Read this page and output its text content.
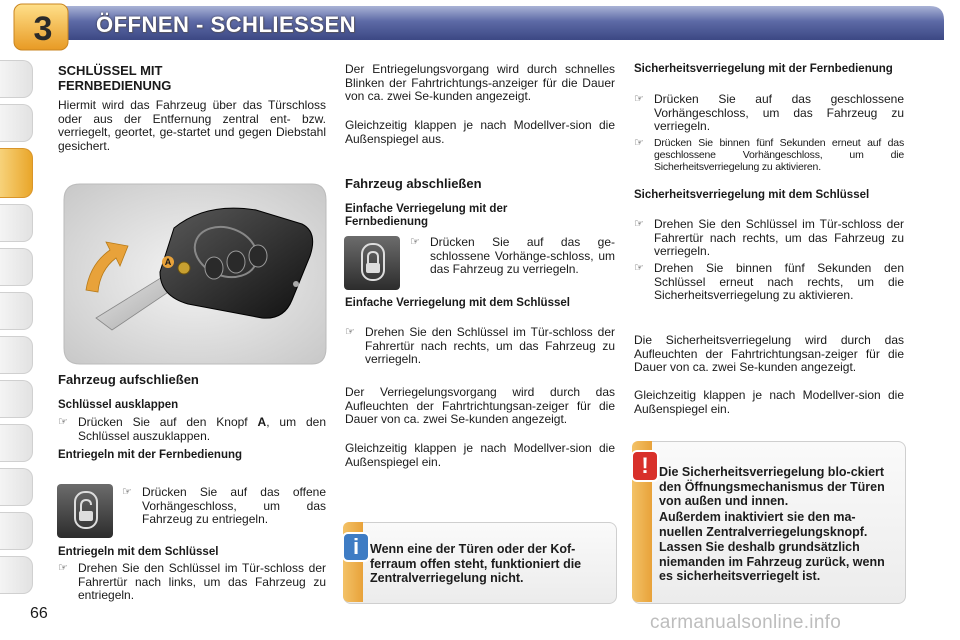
3	ÖFFNEN - SCHLIESSEN
SCHLÜSSEL MIT FERNBEDIENUNG

Hiermit wird das Fahrzeug über das Türschloss oder aus der Entfernung zentral ent- bzw. verriegelt, geortet, ge-startet und gegen Diebstahl gesichert.

A
Fahrzeug aufschließen
Schlüssel ausklappen
☞ Drücken Sie auf den Knopf A, um den Schlüssel auszuklappen.
Entriegeln mit der Fernbedienung
☞ Drücken Sie auf das offene Vorhängeschloss, um das Fahrzeug zu entriegeln.
Entriegeln mit dem Schlüssel
☞ Drehen Sie den Schlüssel im Tür-schloss der Fahrertür nach links, um das Fahrzeug zu entriegeln.

Der Entriegelungsvorgang wird durch schnelles Blinken der Fahrtrichtungs-anzeiger für die Dauer von ca. zwei Se-kunden angezeigt.

Gleichzeitig klappen je nach Modellver-sion die Außenspiegel aus.

Fahrzeug abschließen
Einfache Verriegelung mit der Fernbedienung
☞ Drücken Sie auf das ge-schlossene Vorhänge-schloss, um das Fahrzeug zu verriegeln.
Einfache Verriegelung mit dem Schlüssel
☞ Drehen Sie den Schlüssel im Tür-schloss der Fahrertür nach rechts, um das Fahrzeug zu verriegeln.

Der Verriegelungsvorgang wird durch das Aufleuchten der Fahrtrichtungsan-zeiger für die Dauer von ca. zwei Se-kunden angezeigt.

Gleichzeitig klappen je nach Modellver-sion die Außenspiegel ein.

i Wenn eine der Türen oder der Kof-ferraum offen steht, funktioniert die Zentralverriegelung nicht.
Sicherheitsverriegelung mit der Fernbedienung
☞ Drücken Sie auf das geschlossene Vorhängeschloss, um das Fahrzeug zu verriegeln.
☞ Drücken Sie binnen fünf Sekunden erneut auf das geschlossene Vorhängeschloss, um die Sicherheitsverriegelung zu aktivieren.
Sicherheitsverriegelung mit dem Schlüssel
☞ Drehen Sie den Schlüssel im Tür-schloss der Fahrertür nach rechts, um das Fahrzeug zu verriegeln.
☞ Drehen Sie binnen fünf Sekunden den Schlüssel erneut nach rechts, um die Sicherheitsverriegelung zu aktivieren.

Die Sicherheitsverriegelung wird durch das Aufleuchten der Fahrtrichtungsan-zeiger für die Dauer von ca. zwei Se-kunden angezeigt.

Gleichzeitig klappen je nach Modellver-sion die Außenspiegel ein.

! Die Sicherheitsverriegelung blo-ckiert den Öffnungsmechanismus der Türen von außen und innen.
Außerdem inaktiviert sie den ma-nuellen Zentralverriegelungsknopf.
Lassen Sie deshalb grundsätzlich niemanden im Fahrzeug zurück, wenn es sicherheitsverriegelt ist.
66	carmanualsonline.info
